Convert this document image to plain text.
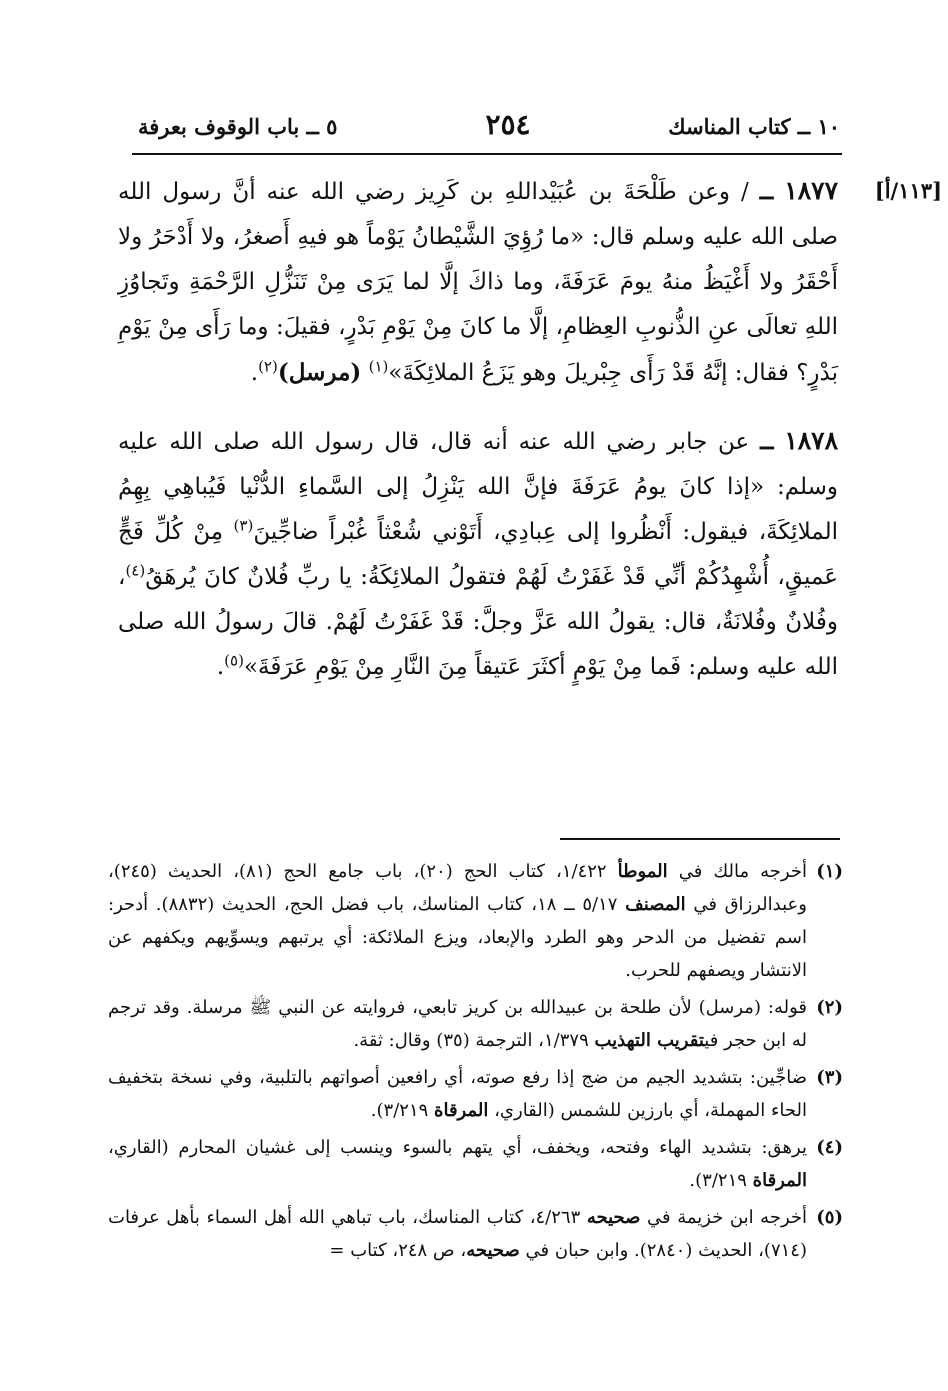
١٠ ــ كتاب المناسك
٢٥٤
٥ ــ باب الوقوف بعرفة
[١١٣/أ]

١٨٧٧ ــ / وعن طَلْحَةَ بن عُبَيْداللهِ بن كَرِيز رضي الله عنه أنَّ رسول الله صلى الله عليه وسلم قال: «ما رُؤِيَ الشَّيْطانُ يَوْماً هو فيهِ أَصغرُ، ولا أَدْحَرُ ولا أَحْقَرُ ولا أَغْيَظُ منهُ يومَ عَرَفَةَ، وما ذاكَ إلَّا لما يَرَى مِنْ تَنَزُّلِ الرَّحْمَةِ وتَجاوُزِ اللهِ تعالَى عنِ الذُّنوبِ العِظامِ، إلَّا ما كانَ مِنْ يَوْمِ بَدْرٍ، فقيلَ: وما رَأَى مِنْ يَوْمِ بَدْرٍ؟ فقال: إنَّهُ قَدْ رَأَى جِبْريلَ وهو يَزَعُ الملائِكَةَ»$^{(١)}$ (مرسل)$^{(٢)}$.

١٨٧٨ ــ عن جابر رضي الله عنه أنه قال، قال رسول الله صلى الله عليه وسلم: «إذا كانَ يومُ عَرَفَةَ فإنَّ الله يَنْزِلُ إلى السَّماءِ الدُّنْيا فَيُباهِي بِهِمُ الملائِكَةَ، فيقول: أَنْظُروا إلى عِبادِي، أَتَوْني شُعْثاً غُبْراً ضاجِّينَ$^{(٣)}$ مِنْ كُلِّ فَجٍّ عَميقٍ، أُشْهِدُكُمْ أنِّي قَدْ غَفَرْتُ لَهُمْ فتقولُ الملائِكَةُ: يا ربِّ فُلانٌ كانَ يُرهَقُ$^{(٤)}$، وفُلانٌ وفُلانَةٌ، قال: يقولُ الله عَزَّ وجلَّ: قَدْ غَفَرْتُ لَهُمْ. قالَ رسولُ الله صلى الله عليه وسلم: فَما مِنْ يَوْمٍ أكثَرَ عَتيقاً مِنَ النَّارِ مِنْ يَوْمِ عَرَفَةَ»$^{(٥)}$.

(١)
أخرجه مالك في الموطأ ١/٤٢٢، كتاب الحج (٢٠)، باب جامع الحج (٨١)، الحديث (٢٤٥)، وعبدالرزاق في المصنف ٥/١٧ ــ ١٨، كتاب المناسك، باب فضل الحج، الحديث (٨٨٣٢). أدحر: اسم تفضيل من الدحر وهو الطرد والإبعاد، ويزع الملائكة: أي يرتبهم ويسوِّيهم ويكفهم عن الانتشار ويصفهم للحرب.

(٢)
قوله: (مرسل) لأن طلحة بن عبيدالله بن كريز تابعي، فروايته عن النبي ﷺ مرسلة. وقد ترجم له ابن حجر فيتقريب التهذيب ١/٣٧٩، الترجمة (٣٥) وقال: ثقة.

(٣)
ضاجِّين: بتشديد الجيم من ضج إذا رفع صوته، أي رافعين أصواتهم بالتلبية، وفي نسخة بتخفيف الحاء المهملة، أي بارزين للشمس (القاري، المرقاة ٣/٢١٩).

(٤)
يرهق: بتشديد الهاء وفتحه، ويخفف، أي يتهم بالسوء وينسب إلى غشيان المحارم (القاري، المرقاة ٣/٢١٩).

(٥)
أخرجه ابن خزيمة في صحيحه ٤/٢٦٣، كتاب المناسك، باب تباهي الله أهل السماء بأهل عرفات (٧١٤)، الحديث (٢٨٤٠). وابن حبان في صحيحه، ص ٢٤٨، كتاب =
